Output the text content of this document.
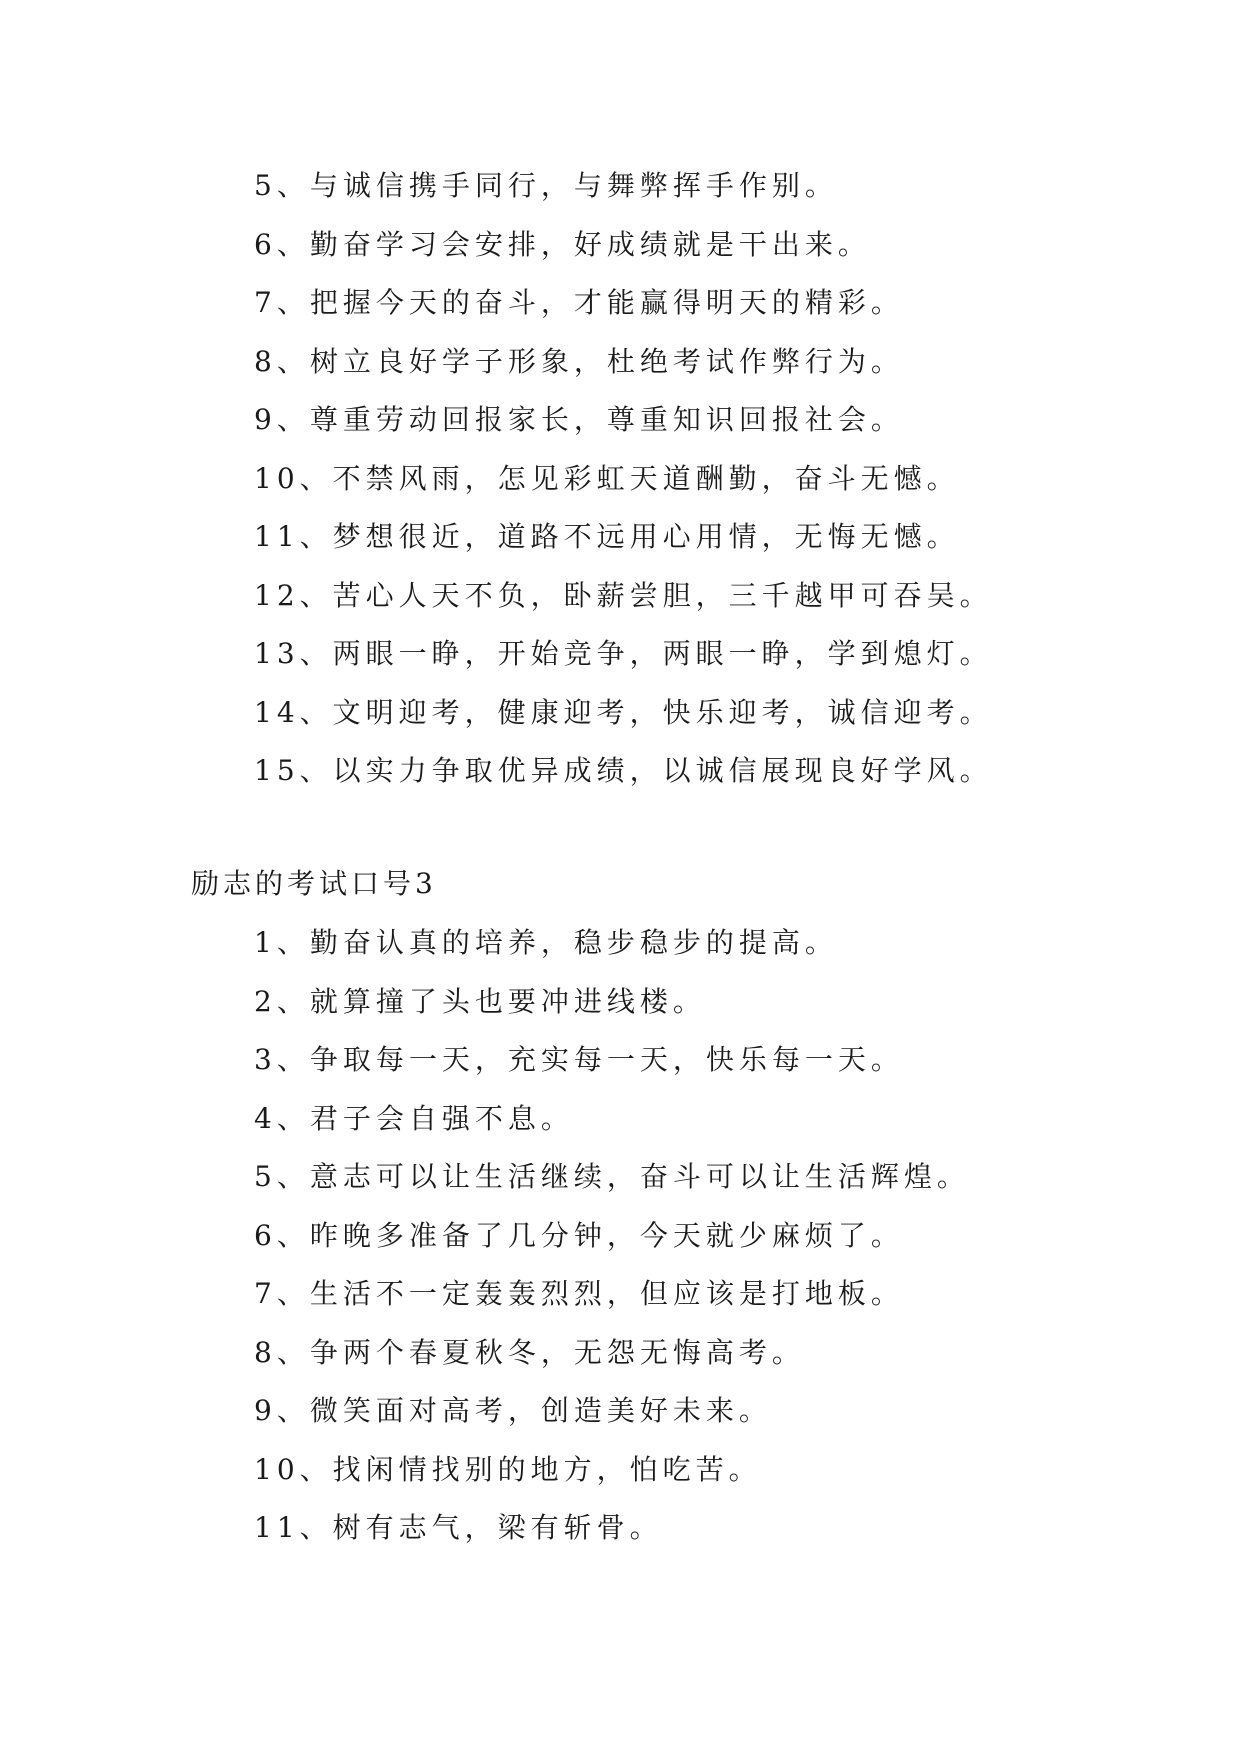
5、与诚信携手同行，与舞弊挥手作别。
6、勤奋学习会安排，好成绩就是干出来。
7、把握今天的奋斗，才能赢得明天的精彩。
8、树立良好学子形象，杜绝考试作弊行为。
9、尊重劳动回报家长，尊重知识回报社会。
10、不禁风雨，怎见彩虹天道酬勤，奋斗无憾。
11、梦想很近，道路不远用心用情，无悔无憾。
12、苦心人天不负，卧薪尝胆，三千越甲可吞吴。
13、两眼一睁，开始竞争，两眼一睁，学到熄灯。
14、文明迎考，健康迎考，快乐迎考，诚信迎考。
15、以实力争取优异成绩，以诚信展现良好学风。
励志的考试口号3
1、勤奋认真的培养，稳步稳步的提高。
2、就算撞了头也要冲进线楼。
3、争取每一天，充实每一天，快乐每一天。
4、君子会自强不息。
5、意志可以让生活继续，奋斗可以让生活辉煌。
6、昨晚多准备了几分钟，今天就少麻烦了。
7、生活不一定轰轰烈烈，但应该是打地板。
8、争两个春夏秋冬，无怨无悔高考。
9、微笑面对高考，创造美好未来。
10、找闲情找别的地方，怕吃苦。
11、树有志气，梁有斩骨。
